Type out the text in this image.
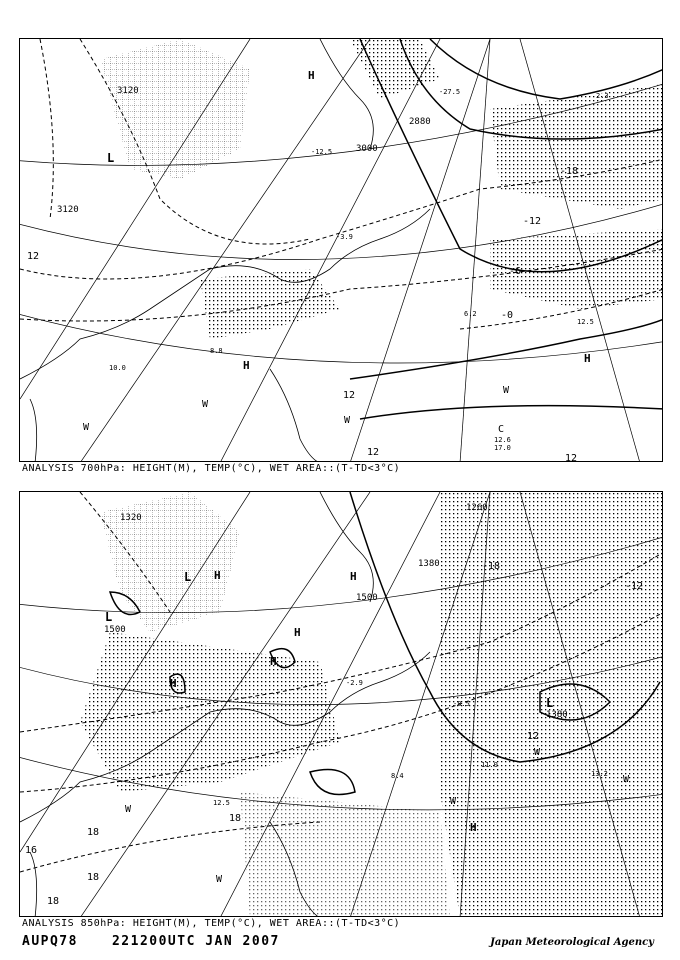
3120
3120
3000
2880
12
12
12
12
-18
-12
-6
-0
H
H
H
L
W
W
W
W
C
12.6
17.0
-12.5
-3.9
6.2
12.5
8.8
10.0
2.3
-27.5
ANALYSIS 700hPa: HEIGHT(M), TEMP(°C), WET AREA::(T-TD<3°C)
1500
1500
1380
1260
1380
1320
-18
-12
12
18
18
18
18
16
H
H
H
H
H
H
L
L
L
W
W
W
W
W
12.5
8.4
11.0
13.2
-2.9
-8.5
ANALYSIS 850hPa: HEIGHT(M), TEMP(°C), WET AREA::(T-TD<3°C)
AUPQ78	221200UTC JAN 2007	Japan Meteorological Agency
